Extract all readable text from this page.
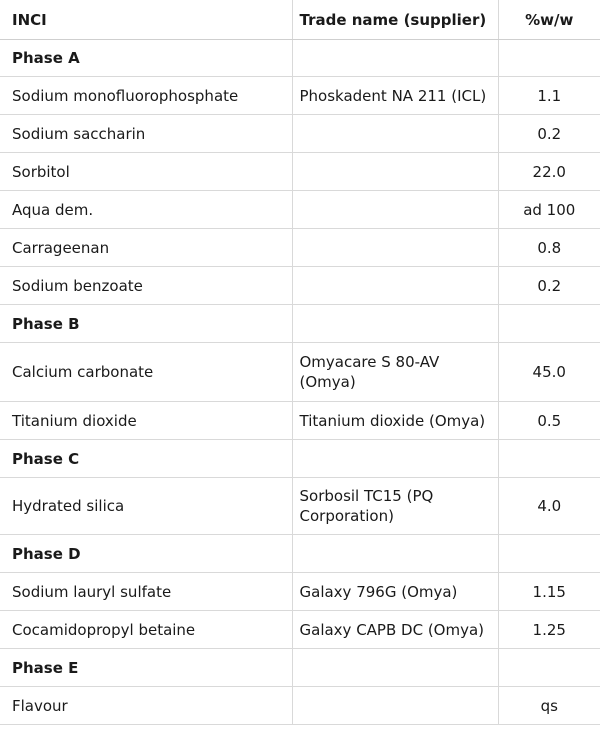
INCI	Trade name (supplier)	%w/w
Phase A		
Sodium monofluorophosphate	Phoskadent NA 211 (ICL)	1.1
Sodium saccharin		0.2
Sorbitol		22.0
Aqua dem.		ad 100
Carrageenan		0.8
Sodium benzoate		0.2
Phase B		
Calcium carbonate	Omyacare S 80-AV (Omya)	45.0
Titanium dioxide	Titanium dioxide (Omya)	0.5
Phase C		
Hydrated silica	Sorbosil TC15 (PQ Corporation)	4.0
Phase D		
Sodium lauryl sulfate	Galaxy 796G (Omya)	1.15
Cocamidopropyl betaine	Galaxy CAPB DC (Omya)	1.25
Phase E		
Flavour		qs
